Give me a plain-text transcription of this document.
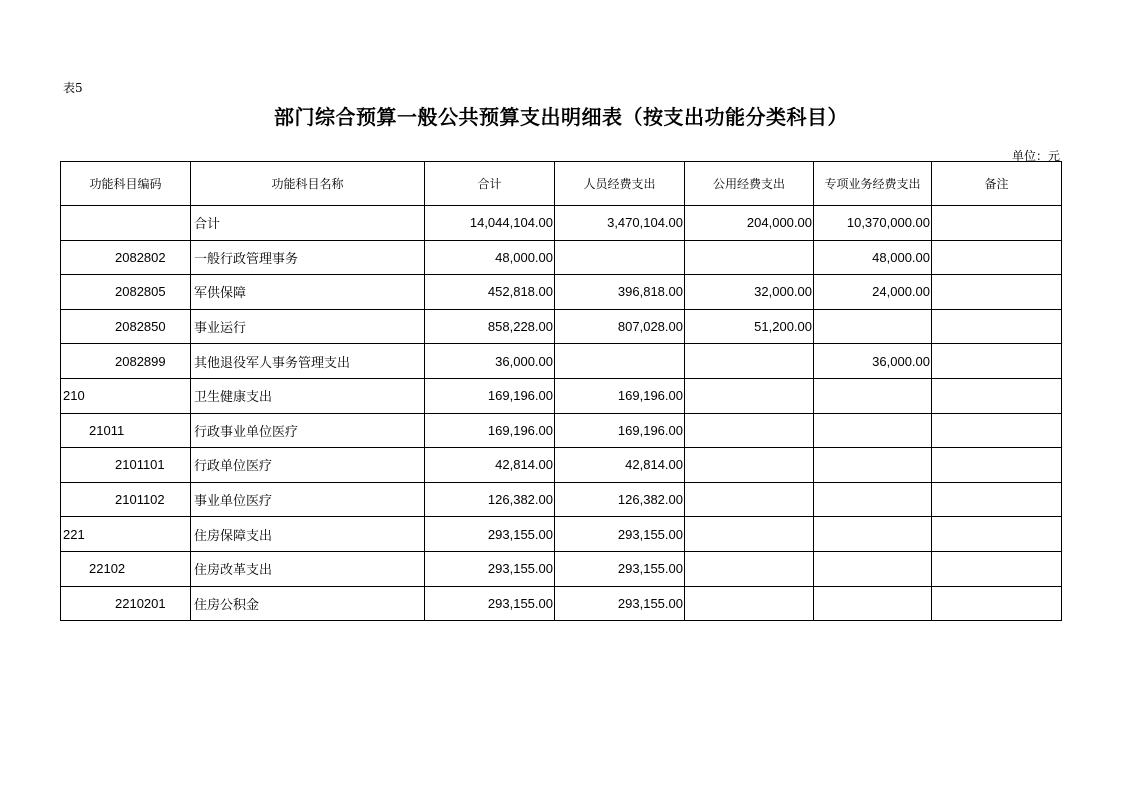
表5
部门综合预算一般公共预算支出明细表（按支出功能分类科目）
单位：元
功能科目编码	功能科目名称	合计	人员经费支出	公用经费支出	专项业务经费支出	备注
	合计	14,044,104.00	3,470,104.00	204,000.00	10,370,000.00	
2082802	一般行政管理事务	48,000.00			48,000.00	
2082805	军供保障	452,818.00	396,818.00	32,000.00	24,000.00	
2082850	事业运行	858,228.00	807,028.00	51,200.00		
2082899	其他退役军人事务管理支出	36,000.00			36,000.00	
210	卫生健康支出	169,196.00	169,196.00			
21011	行政事业单位医疗	169,196.00	169,196.00			
2101101	行政单位医疗	42,814.00	42,814.00			
2101102	事业单位医疗	126,382.00	126,382.00			
221	住房保障支出	293,155.00	293,155.00			
22102	住房改革支出	293,155.00	293,155.00			
2210201	住房公积金	293,155.00	293,155.00			
